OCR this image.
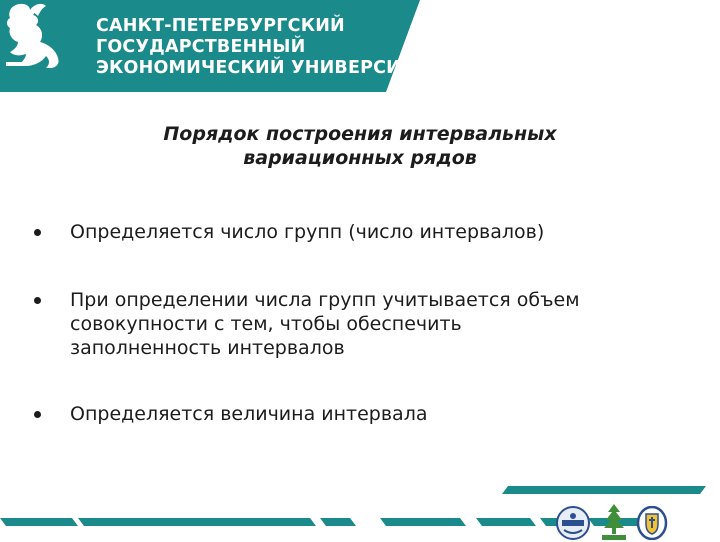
САНКТ-ПЕТЕРБУРГСКИЙ
ГОСУДАРСТВЕННЫЙ
ЭКОНОМИЧЕСКИЙ УНИВЕРСИТЕТ
Порядок построения интервальных
вариационных рядов
Определяется число групп (число интервалов)
При определении числа групп учитывается объем
совокупности с тем, чтобы обеспечить
заполненность интервалов
Определяется величина интервала
